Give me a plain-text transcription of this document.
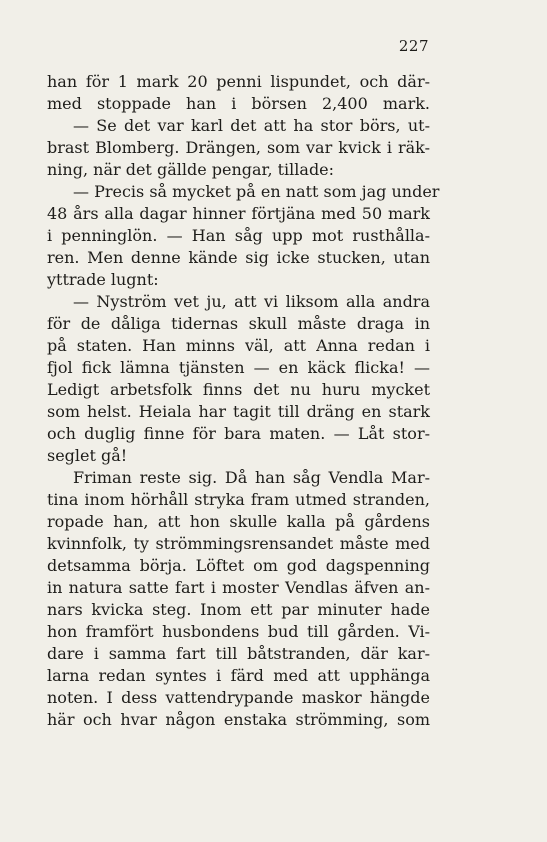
227
han för 1 mark 20 penni lispundet, och där-
med stoppade han i börsen 2,400 mark.
— Se det var karl det att ha stor börs, ut-
brast Blomberg. Drängen, som var kvick i räk-
ning, när det gällde pengar, tillade:
— Precis så mycket på en natt som jag under
48 års alla dagar hinner förtjäna med 50 mark
i penninglön. — Han såg upp mot rusthålla-
ren. Men denne kände sig icke stucken, utan
yttrade lugnt:
— Nyström vet ju, att vi liksom alla andra
för de dåliga tidernas skull måste draga in
på staten. Han minns väl, att Anna redan i
fjol fick lämna tjänsten — en käck flicka! —
Ledigt arbetsfolk finns det nu huru mycket
som helst. Heiala har tagit till dräng en stark
och duglig finne för bara maten. — Låt stor-
seglet gå!
Friman reste sig. Då han såg Vendla Mar-
tina inom hörhåll stryka fram utmed stranden,
ropade han, att hon skulle kalla på gårdens
kvinnfolk, ty strömmingsrensandet måste med
detsamma börja. Löftet om god dagspenning
in natura satte fart i moster Vendlas äfven an-
nars kvicka steg. Inom ett par minuter hade
hon framfört husbondens bud till gården. Vi-
dare i samma fart till båtstranden, där kar-
larna redan syntes i färd med att upphänga
noten. I dess vattendrypande maskor hängde
här och hvar någon enstaka strömming, som
